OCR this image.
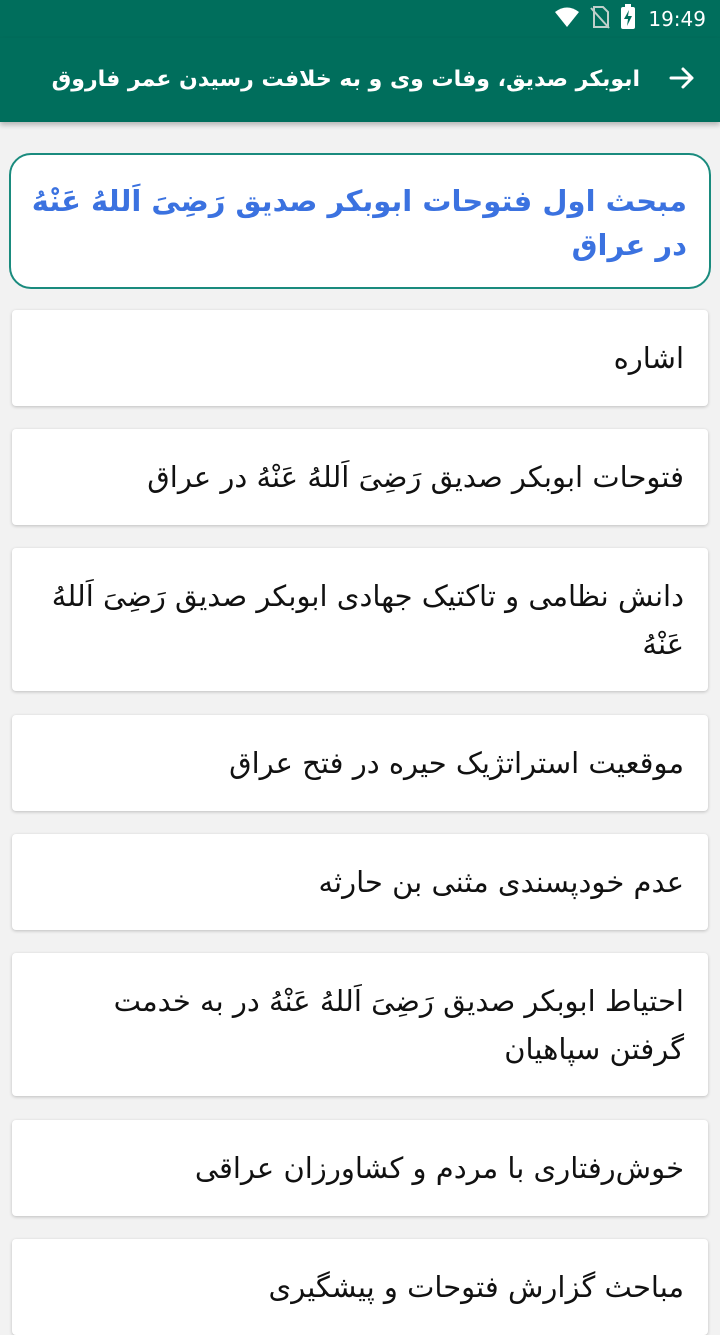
19:49
ابوبکر صدیق، وفات وی و به خلافت رسیدن عمر فاروق
مبحث اول فتوحات ابوبکر صدیق رَضِىَ اَللهُ عَنْهُ در عراق
اشاره
فتوحات ابوبکر صدیق رَضِىَ اَللهُ عَنْهُ در عراق
دانش نظامی و تاکتیک جهادی ابوبکر صدیق رَضِىَ اَللهُ عَنْهُ
موقعیت استراتژیک حیره در فتح عراق
عدم خودپسندی مثنی بن حارثه
احتیاط ابوبکر صدیق رَضِىَ اَللهُ عَنْهُ در به خدمت گرفتن سپاهیان
خوش‌رفتاری با مردم و کشاورزان عراقی
مباحث گزارش فتوحات و پیشگیری
